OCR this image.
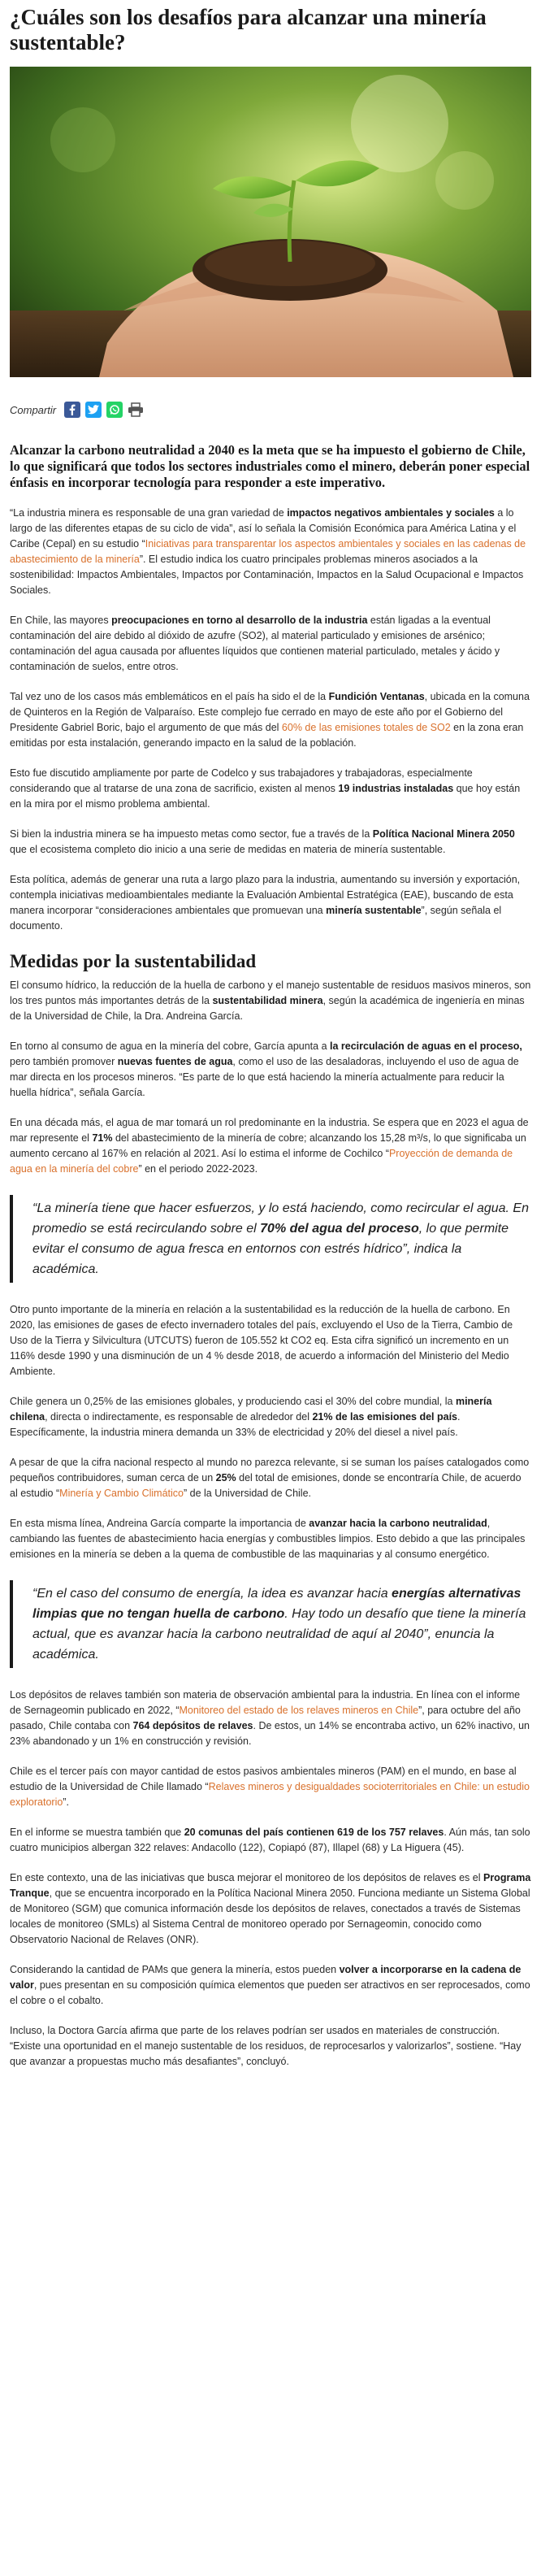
¿Cuáles son los desafíos para alcanzar una minería sustentable?
Compartir

Alcanzar la carbono neutralidad a 2040 es la meta que se ha impuesto el gobierno de Chile, lo que significará que todos los sectores industriales como el minero, deberán poner especial énfasis en incorporar tecnología para responder a este imperativo.

“La industria minera es responsable de una gran variedad de impactos negativos ambientales y sociales a lo largo de las diferentes etapas de su ciclo de vida”, así lo señala la Comisión Económica para América Latina y el Caribe (Cepal) en su estudio “Iniciativas para transparentar los aspectos ambientales y sociales en las cadenas de abastecimiento de la minería”. El estudio indica los cuatro principales problemas mineros asociados a la sostenibilidad: Impactos Ambientales, Impactos por Contaminación, Impactos en la Salud Ocupacional e Impactos Sociales.

En Chile, las mayores preocupaciones en torno al desarrollo de la industria están ligadas a la eventual contaminación del aire debido al dióxido de azufre (SO2), al material particulado y emisiones de arsénico; contaminación del agua causada por afluentes líquidos que contienen material particulado, metales y ácido y contaminación de suelos, entre otros.

Tal vez uno de los casos más emblemáticos en el país ha sido el de la Fundición Ventanas, ubicada en la comuna de Quinteros en la Región de Valparaíso. Este complejo fue cerrado en mayo de este año por el Gobierno del Presidente Gabriel Boric, bajo el argumento de que más del 60% de las emisiones totales de SO2 en la zona eran emitidas por esta instalación, generando impacto en la salud de la población.

Esto fue discutido ampliamente por parte de Codelco y sus trabajadores y trabajadoras, especialmente considerando que al tratarse de una zona de sacrificio, existen al menos 19 industrias instaladas que hoy están en la mira por el mismo problema ambiental.

Si bien la industria minera se ha impuesto metas como sector, fue a través de la Política Nacional Minera 2050 que el ecosistema completo dio inicio a una serie de medidas en materia de minería sustentable.

Esta política, además de generar una ruta a largo plazo para la industria, aumentando su inversión y exportación, contempla iniciativas medioambientales mediante la Evaluación Ambiental Estratégica (EAE), buscando de esta manera incorporar “consideraciones ambientales que promuevan una minería sustentable”, según señala el documento.

Medidas por la sustentabilidad

El consumo hídrico, la reducción de la huella de carbono y el manejo sustentable de residuos masivos mineros, son los tres puntos más importantes detrás de la sustentabilidad minera, según la académica de ingeniería en minas de la Universidad de Chile, la Dra. Andreina García.

En torno al consumo de agua en la minería del cobre, García apunta a la recirculación de aguas en el proceso, pero también promover nuevas fuentes de agua, como el uso de las desaladoras, incluyendo el uso de agua de mar directa en los procesos mineros. “Es parte de lo que está haciendo la minería actualmente para reducir la huella hídrica”, señala García.

En una década más, el agua de mar tomará un rol predominante en la industria. Se espera que en 2023 el agua de mar represente el 71% del abastecimiento de la minería de cobre; alcanzando los 15,28 m³/s, lo que significaba un aumento cercano al 167% en relación al 2021. Así lo estima el informe de Cochilco “Proyección de demanda de agua en la minería del cobre” en el periodo 2022-2023.

“La minería tiene que hacer esfuerzos, y lo está haciendo, como recircular el agua. En promedio se está recirculando sobre el 70% del agua del proceso, lo que permite evitar el consumo de agua fresca en entornos con estrés hídrico”, indica la académica.

Otro punto importante de la minería en relación a la sustentabilidad es la reducción de la huella de carbono. En 2020, las emisiones de gases de efecto invernadero totales del país, excluyendo el Uso de la Tierra, Cambio de Uso de la Tierra y Silvicultura (UTCUTS) fueron de 105.552 kt CO2 eq. Esta cifra significó un incremento en un 116% desde 1990 y una disminución de un 4 % desde 2018, de acuerdo a información del Ministerio del Medio Ambiente.

Chile genera un 0,25% de las emisiones globales, y produciendo casi el 30% del cobre mundial, la minería chilena, directa o indirectamente, es responsable de alrededor del 21% de las emisiones del país. Específicamente, la industria minera demanda un 33% de electricidad y 20% del diesel a nivel país.

A pesar de que la cifra nacional respecto al mundo no parezca relevante, si se suman los países catalogados como pequeños contribuidores, suman cerca de un 25% del total de emisiones, donde se encontraría Chile, de acuerdo al estudio “Minería y Cambio Climático” de la Universidad de Chile.

En esta misma línea, Andreina García comparte la importancia de avanzar hacia la carbono neutralidad, cambiando las fuentes de abastecimiento hacia energías y combustibles limpios. Esto debido a que las principales emisiones en la minería se deben a la quema de combustible de las maquinarias y al consumo energético.

“En el caso del consumo de energía, la idea es avanzar hacia energías alternativas limpias que no tengan huella de carbono. Hay todo un desafío que tiene la minería actual, que es avanzar hacia la carbono neutralidad de aquí al 2040”, enuncia la académica.

Los depósitos de relaves también son materia de observación ambiental para la industria. En línea con el informe de Sernageomin publicado en 2022, “Monitoreo del estado de los relaves mineros en Chile”, para octubre del año pasado, Chile contaba con 764 depósitos de relaves. De estos, un 14% se encontraba activo, un 62% inactivo, un 23% abandonado y un 1% en construcción y revisión.

Chile es el tercer país con mayor cantidad de estos pasivos ambientales mineros (PAM) en el mundo, en base al estudio de la Universidad de Chile llamado “Relaves mineros y desigualdades socioterritoriales en Chile: un estudio exploratorio”.

En el informe se muestra también que 20 comunas del país contienen 619 de los 757 relaves. Aún más, tan solo cuatro municipios albergan 322 relaves: Andacollo (122), Copiapó (87), Illapel (68) y La Higuera (45).

En este contexto, una de las iniciativas que busca mejorar el monitoreo de los depósitos de relaves es el Programa Tranque, que se encuentra incorporado en la Política Nacional Minera 2050. Funciona mediante un Sistema Global de Monitoreo (SGM) que comunica información desde los depósitos de relaves, conectados a través de Sistemas locales de monitoreo (SMLs) al Sistema Central de monitoreo operado por Sernageomin, conocido como Observatorio Nacional de Relaves (ONR).

Considerando la cantidad de PAMs que genera la minería, estos pueden volver a incorporarse en la cadena de valor, pues presentan en su composición química elementos que pueden ser atractivos en ser reprocesados, como el cobre o el cobalto.

Incluso, la Doctora García afirma que parte de los relaves podrían ser usados en materiales de construcción. “Existe una oportunidad en el manejo sustentable de los residuos, de reprocesarlos y valorizarlos”, sostiene. “Hay que avanzar a propuestas mucho más desafiantes”, concluyó.
